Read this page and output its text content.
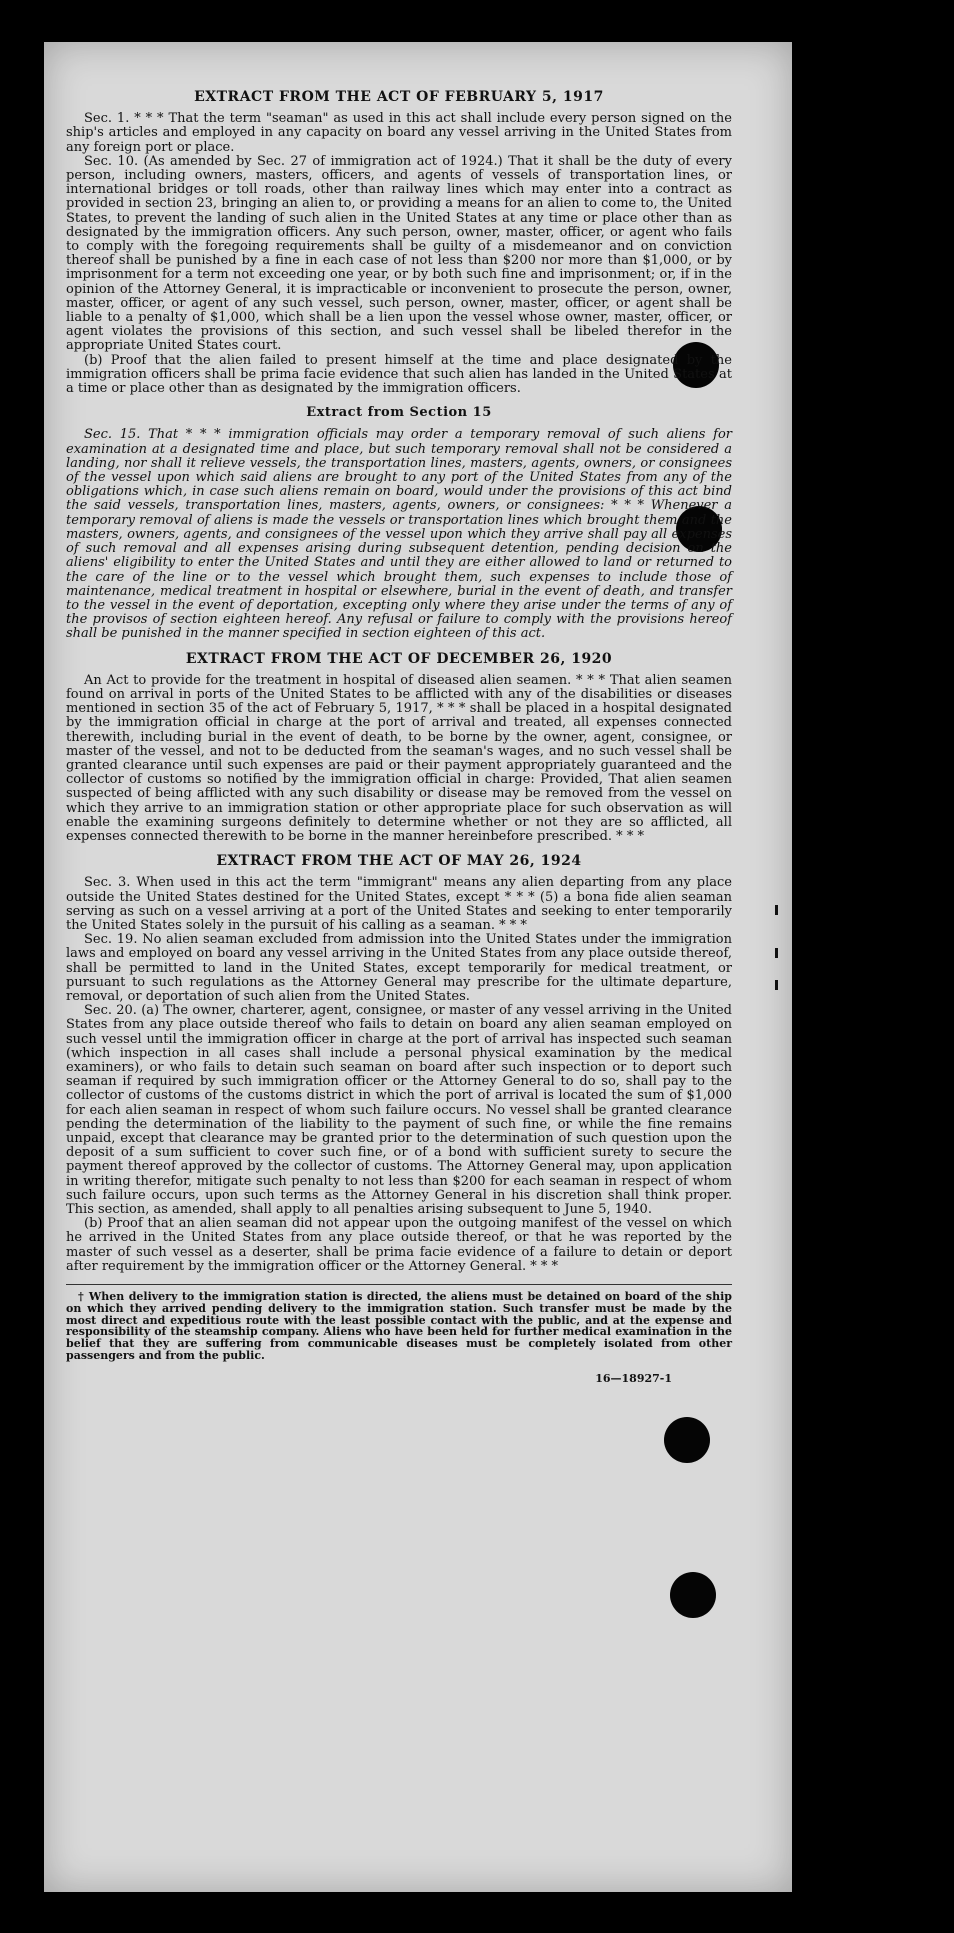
EXTRACT FROM THE ACT OF FEBRUARY 5, 1917

Sec. 1. * * * That the term "seaman" as used in this act shall include every person signed on the ship's articles and employed in any capacity on board any vessel arriving in the United States from any foreign port or place.

Sec. 10. (As amended by Sec. 27 of immigration act of 1924.) That it shall be the duty of every person, including owners, masters, officers, and agents of vessels of transportation lines, or international bridges or toll roads, other than railway lines which may enter into a contract as provided in section 23, bringing an alien to, or providing a means for an alien to come to, the United States, to prevent the landing of such alien in the United States at any time or place other than as designated by the immigration officers. Any such person, owner, master, officer, or agent who fails to comply with the foregoing requirements shall be guilty of a misdemeanor and on conviction thereof shall be punished by a fine in each case of not less than $200 nor more than $1,000, or by imprisonment for a term not exceeding one year, or by both such fine and imprisonment; or, if in the opinion of the Attorney General, it is impracticable or inconvenient to prosecute the person, owner, master, officer, or agent of any such vessel, such person, owner, master, officer, or agent shall be liable to a penalty of $1,000, which shall be a lien upon the vessel whose owner, master, officer, or agent violates the provisions of this section, and such vessel shall be libeled therefor in the appropriate United States court.

(b) Proof that the alien failed to present himself at the time and place designated by the immigration officers shall be prima facie evidence that such alien has landed in the United States at a time or place other than as designated by the immigration officers.

Extract from Section 15

Sec. 15. That * * * immigration officials may order a temporary removal of such aliens for examination at a designated time and place, but such temporary removal shall not be considered a landing, nor shall it relieve vessels, the transportation lines, masters, agents, owners, or consignees of the vessel upon which said aliens are brought to any port of the United States from any of the obligations which, in case such aliens remain on board, would under the provisions of this act bind the said vessels, transportation lines, masters, agents, owners, or consignees: * * * Whenever a temporary removal of aliens is made the vessels or transportation lines which brought them and the masters, owners, agents, and consignees of the vessel upon which they arrive shall pay all expenses of such removal and all expenses arising during subsequent detention, pending decision on the aliens' eligibility to enter the United States and until they are either allowed to land or returned to the care of the line or to the vessel which brought them, such expenses to include those of maintenance, medical treatment in hospital or elsewhere, burial in the event of death, and transfer to the vessel in the event of deportation, excepting only where they arise under the terms of any of the provisos of section eighteen hereof. Any refusal or failure to comply with the provisions hereof shall be punished in the manner specified in section eighteen of this act.

EXTRACT FROM THE ACT OF DECEMBER 26, 1920

An Act to provide for the treatment in hospital of diseased alien seamen. * * * That alien seamen found on arrival in ports of the United States to be afflicted with any of the disabilities or diseases mentioned in section 35 of the act of February 5, 1917, * * * shall be placed in a hospital designated by the immigration official in charge at the port of arrival and treated, all expenses connected therewith, including burial in the event of death, to be borne by the owner, agent, consignee, or master of the vessel, and not to be deducted from the seaman's wages, and no such vessel shall be granted clearance until such expenses are paid or their payment appropriately guaranteed and the collector of customs so notified by the immigration official in charge: Provided, That alien seamen suspected of being afflicted with any such disability or disease may be removed from the vessel on which they arrive to an immigration station or other appropriate place for such observation as will enable the examining surgeons definitely to determine whether or not they are so afflicted, all expenses connected therewith to be borne in the manner hereinbefore prescribed. * * *

EXTRACT FROM THE ACT OF MAY 26, 1924

Sec. 3. When used in this act the term "immigrant" means any alien departing from any place outside the United States destined for the United States, except * * * (5) a bona fide alien seaman serving as such on a vessel arriving at a port of the United States and seeking to enter temporarily the United States solely in the pursuit of his calling as a seaman. * * *

Sec. 19. No alien seaman excluded from admission into the United States under the immigration laws and employed on board any vessel arriving in the United States from any place outside thereof, shall be permitted to land in the United States, except temporarily for medical treatment, or pursuant to such regulations as the Attorney General may prescribe for the ultimate departure, removal, or deportation of such alien from the United States.

Sec. 20. (a) The owner, charterer, agent, consignee, or master of any vessel arriving in the United States from any place outside thereof who fails to detain on board any alien seaman employed on such vessel until the immigration officer in charge at the port of arrival has inspected such seaman (which inspection in all cases shall include a personal physical examination by the medical examiners), or who fails to detain such seaman on board after such inspection or to deport such seaman if required by such immigration officer or the Attorney General to do so, shall pay to the collector of customs of the customs district in which the port of arrival is located the sum of $1,000 for each alien seaman in respect of whom such failure occurs. No vessel shall be granted clearance pending the determination of the liability to the payment of such fine, or while the fine remains unpaid, except that clearance may be granted prior to the determination of such question upon the deposit of a sum sufficient to cover such fine, or of a bond with sufficient surety to secure the payment thereof approved by the collector of customs. The Attorney General may, upon application in writing therefor, mitigate such penalty to not less than $200 for each seaman in respect of whom such failure occurs, upon such terms as the Attorney General in his discretion shall think proper. This section, as amended, shall apply to all penalties arising subsequent to June 5, 1940.

(b) Proof that an alien seaman did not appear upon the outgoing manifest of the vessel on which he arrived in the United States from any place outside thereof, or that he was reported by the master of such vessel as a deserter, shall be prima facie evidence of a failure to detain or deport after requirement by the immigration officer or the Attorney General. * * *

† When delivery to the immigration station is directed, the aliens must be detained on board of the ship on which they arrived pending delivery to the immigration station. Such transfer must be made by the most direct and expeditious route with the least possible contact with the public, and at the expense and responsibility of the steamship company. Aliens who have been held for further medical examination in the belief that they are suffering from communicable diseases must be completely isolated from other passengers and from the public.

16—18927-1
